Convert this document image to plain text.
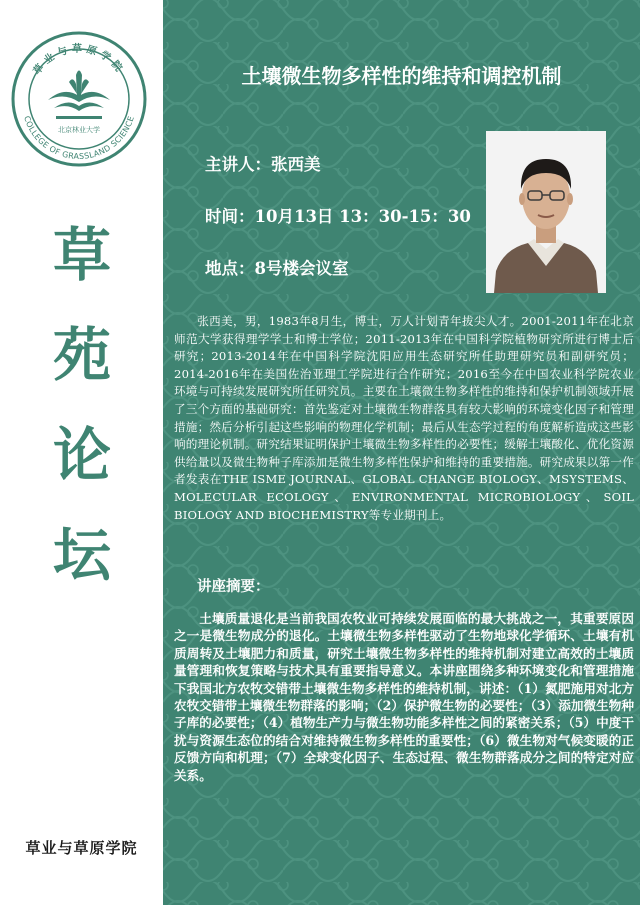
草业与草原学院
COLLEGE OF GRASSLAND SCIENCE
北京林业大学
草
苑
论
坛
草业与草原学院
土壤微生物多样性的维持和调控机制
主讲人：张西美
时间：10月13日 13：30-15：30
地点：8号楼会议室
张西美，男，1983年8月生，博士，万人计划青年拔尖人才。2001-2011年在北京师范大学获得理学学士和博士学位；2011-2013年在中国科学院植物研究所进行博士后研究；2013-2014年在中国科学院沈阳应用生态研究所任助理研究员和副研究员；2014-2016年在美国佐治亚理工学院进行合作研究；2016至今在中国农业科学院农业环境与可持续发展研究所任研究员。主要在土壤微生物多样性的维持和保护机制领域开展了三个方面的基础研究：首先鉴定对土壤微生物群落具有较大影响的环境变化因子和管理措施；然后分析引起这些影响的物理化学机制；最后从生态学过程的角度解析造成这些影响的理论机制。研究结果证明保护土壤微生物多样性的必要性；缓解土壤酸化、优化资源供给量以及微生物种子库添加是微生物多样性保护和维持的重要措施。研究成果以第一作者发表在THE ISME JOURNAL、GLOBAL CHANGE BIOLOGY、MSYSTEMS、MOLECULAR ECOLOGY、ENVIRONMENTAL MICROBIOLOGY、SOIL BIOLOGY AND BIOCHEMISTRY等专业期刊上。
讲座摘要：
土壤质量退化是当前我国农牧业可持续发展面临的最大挑战之一，其重要原因之一是微生物成分的退化。土壤微生物多样性驱动了生物地球化学循环、土壤有机质周转及土壤肥力和质量，研究土壤微生物多样性的维持机制对建立高效的土壤质量管理和恢复策略与技术具有重要指导意义。本讲座围绕多种环境变化和管理措施下我国北方农牧交错带土壤微生物多样性的维持机制，讲述：（1）氮肥施用对北方农牧交错带土壤微生物群落的影响；（2）保护微生物的必要性；（3）添加微生物种子库的必要性；（4）植物生产力与微生物功能多样性之间的紧密关系；（5）中度干扰与资源生态位的结合对维持微生物多样性的重要性；（6）微生物对气候变暖的正反馈方向和机理；（7）全球变化因子、生态过程、微生物群落成分之间的特定对应关系。
